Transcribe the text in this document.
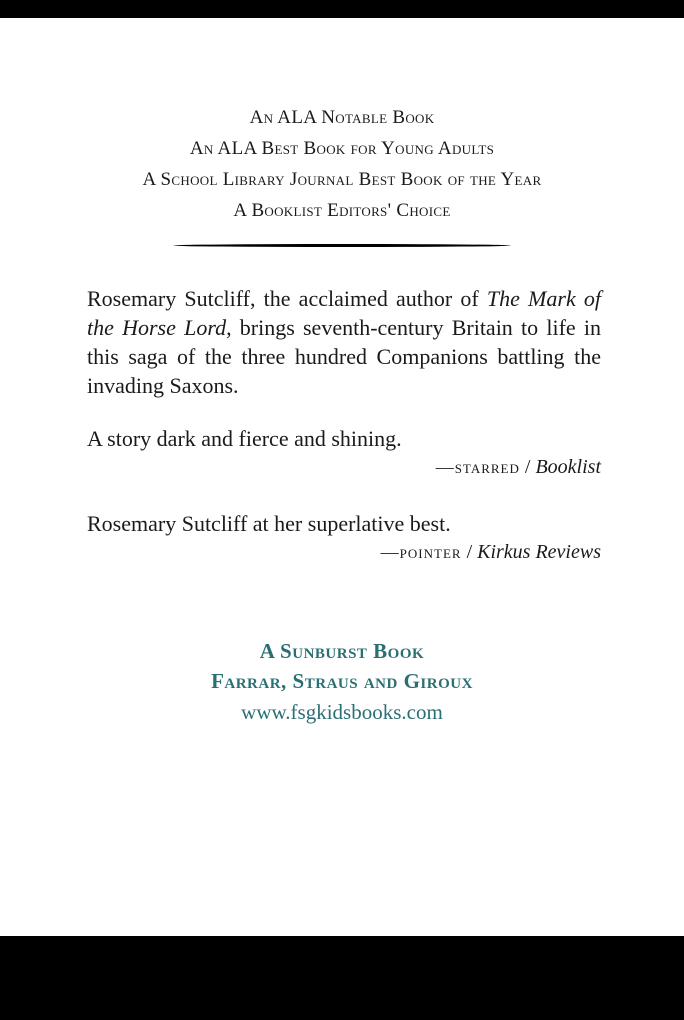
An ALA Notable Book
An ALA Best Book for Young Adults
A School Library Journal Best Book of the Year
A Booklist Editors' Choice

Rosemary Sutcliff, the acclaimed author of The Mark of the Horse Lord, brings seventh-century Britain to life in this saga of the three hundred Companions battling the invading Saxons.

A story dark and fierce and shining.
—starred / Booklist
Rosemary Sutcliff at her superlative best.
—pointer / Kirkus Reviews
A Sunburst Book
Farrar, Straus and Giroux
www.fsgkidsbooks.com
